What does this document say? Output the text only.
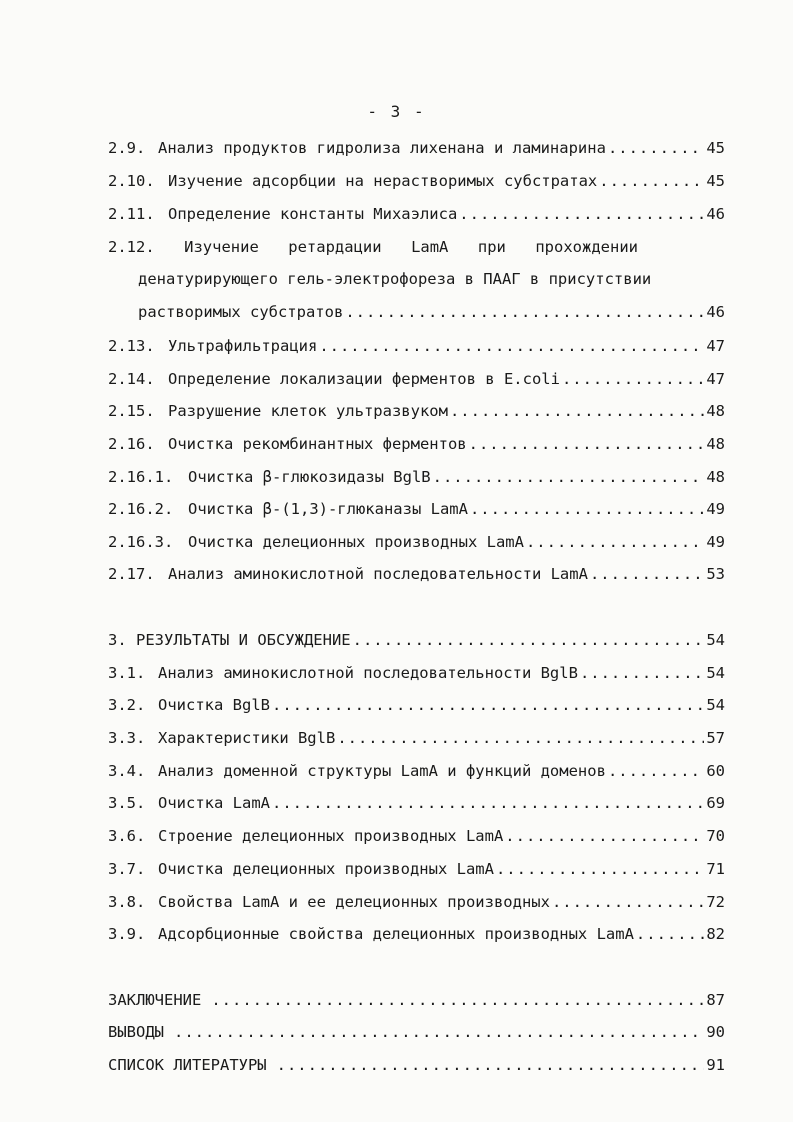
- 3 -
2.9. Анализ продуктов гидролиза лихенана и ламинарина .....	45
2.10. Изучение адсорбции на нерастворимых субстратах .....	45
2.11. Определение константы Михаэлиса .....	46
2.12. Изучение ретардации LamA при прохождении
денатурирующего гель-электрофореза в ПААГ в присутствии
растворимых субстратов .....	46
2.13. Ультрафильтрация .....	47
2.14. Определение локализации ферментов в E.coli .....	47
2.15. Разрушение клеток ультразвуком .....	48
2.16. Очистка рекомбинантных ферментов .....	48
2.16.1. Очистка β-глюкозидазы BglB .....	48
2.16.2. Очистка β-(1,3)-глюканазы LamA .....	49
2.16.3. Очистка делеционных производных LamA .....	49
2.17. Анализ аминокислотной последовательности LamA .....	53
3. РЕЗУЛЬТАТЫ И ОБСУЖДЕНИЕ .....	54
3.1. Анализ аминокислотной последовательности BglB .....	54
3.2. Очистка BglB .....	54
3.3. Характеристики BglB .....	57
3.4. Анализ доменной структуры LamA и функций доменов .....	60
3.5. Очистка LamA .....	69
3.6. Строение делеционных производных LamA .....	70
3.7. Очистка делеционных производных LamA .....	71
3.8. Свойства LamA и ее делеционных производных .....	72
3.9. Адсорбционные свойства делеционных производных LamA .....	82
ЗАКЛЮЧЕНИЕ .....	87
ВЫВОДЫ .....	90
СПИСОК ЛИТЕРАТУРЫ .....	91
